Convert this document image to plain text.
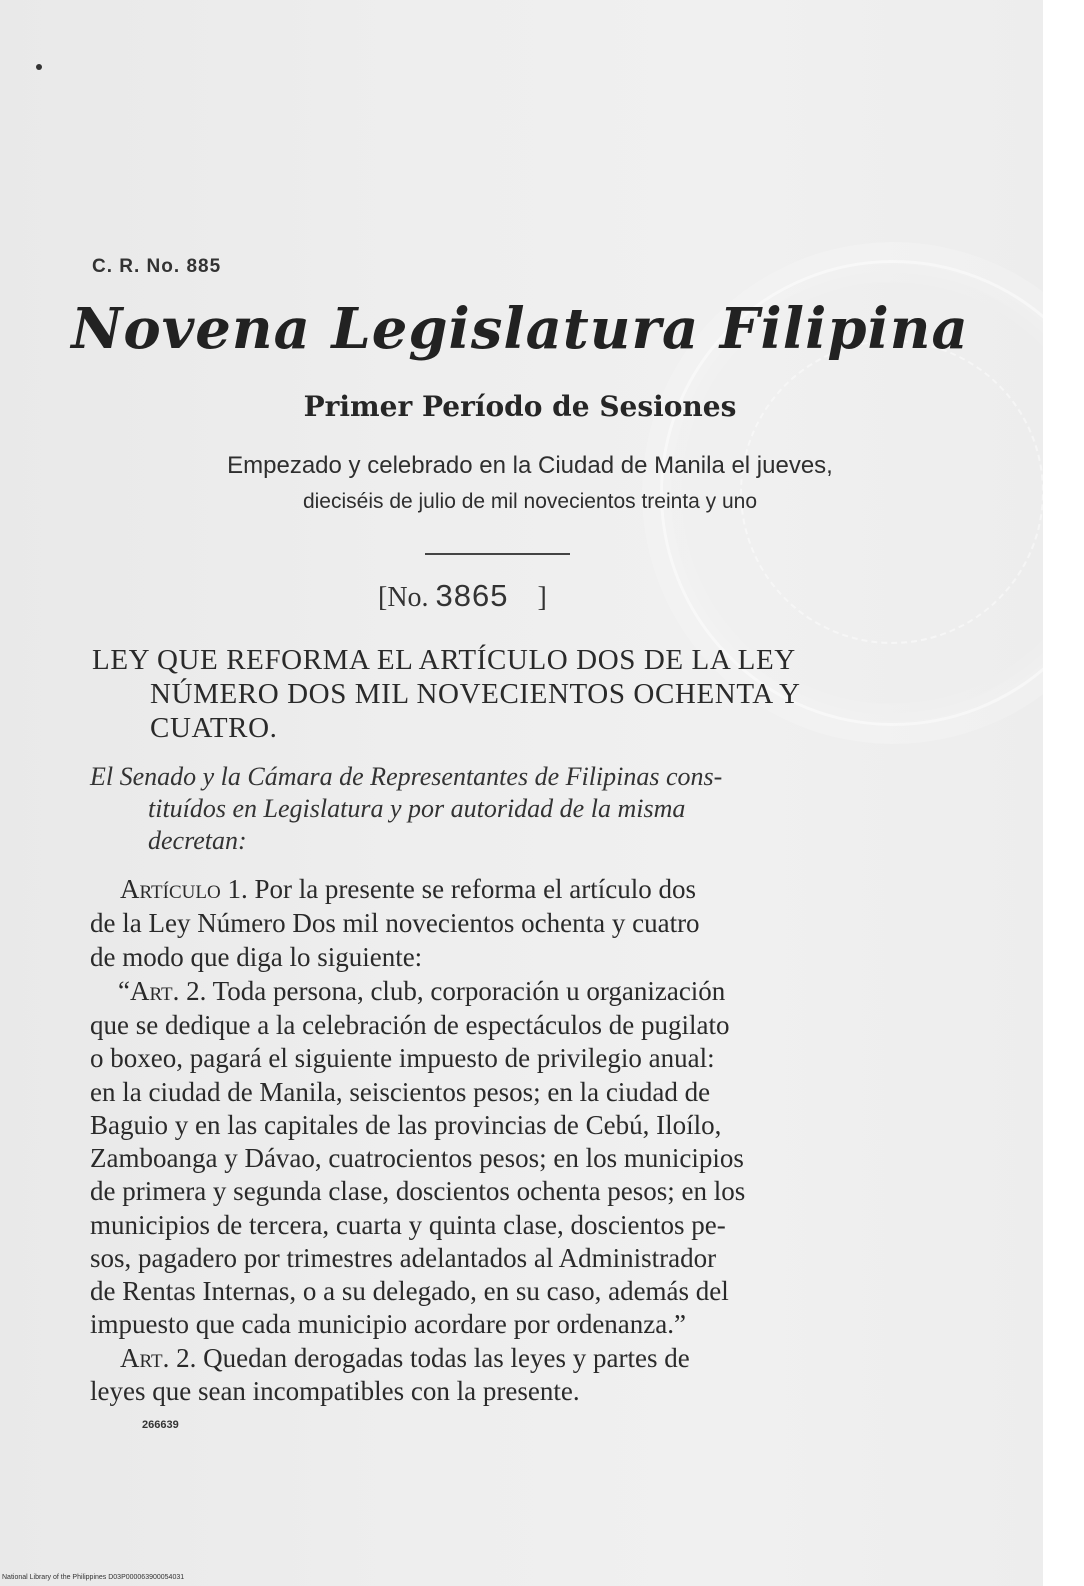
C. R. No. 885
Novena Legislatura Filipina
Primer Período de Sesiones
Empezado y celebrado en la Ciudad de Manila el jueves,
dieciséis de julio de mil novecientos treinta y uno
[No. 3865 ]
LEY QUE REFORMA EL ARTÍCULO DOS DE LA LEY
NÚMERO DOS MIL NOVECIENTOS OCHENTA Y
CUATRO.
El Senado y la Cámara de Representantes de Filipinas cons-
tituídos en Legislatura y por autoridad de la misma
decretan:
Artículo 1. Por la presente se reforma el artículo dos
de la Ley Número Dos mil novecientos ochenta y cuatro
de modo que diga lo siguiente:
“Art. 2. Toda persona, club, corporación u organización
que se dedique a la celebración de espectáculos de pugilato
o boxeo, pagará el siguiente impuesto de privilegio anual:
en la ciudad de Manila, seiscientos pesos; en la ciudad de
Baguio y en las capitales de las provincias de Cebú, Iloílo,
Zamboanga y Dávao, cuatrocientos pesos; en los municipios
de primera y segunda clase, doscientos ochenta pesos; en los
municipios de tercera, cuarta y quinta clase, doscientos pe-
sos, pagadero por trimestres adelantados al Administrador
de Rentas Internas, o a su delegado, en su caso, además del
impuesto que cada municipio acordare por ordenanza.”
Art. 2. Quedan derogadas todas las leyes y partes de
leyes que sean incompatibles con la presente.
266639
National Library of the Philippines D03P000063900054031
